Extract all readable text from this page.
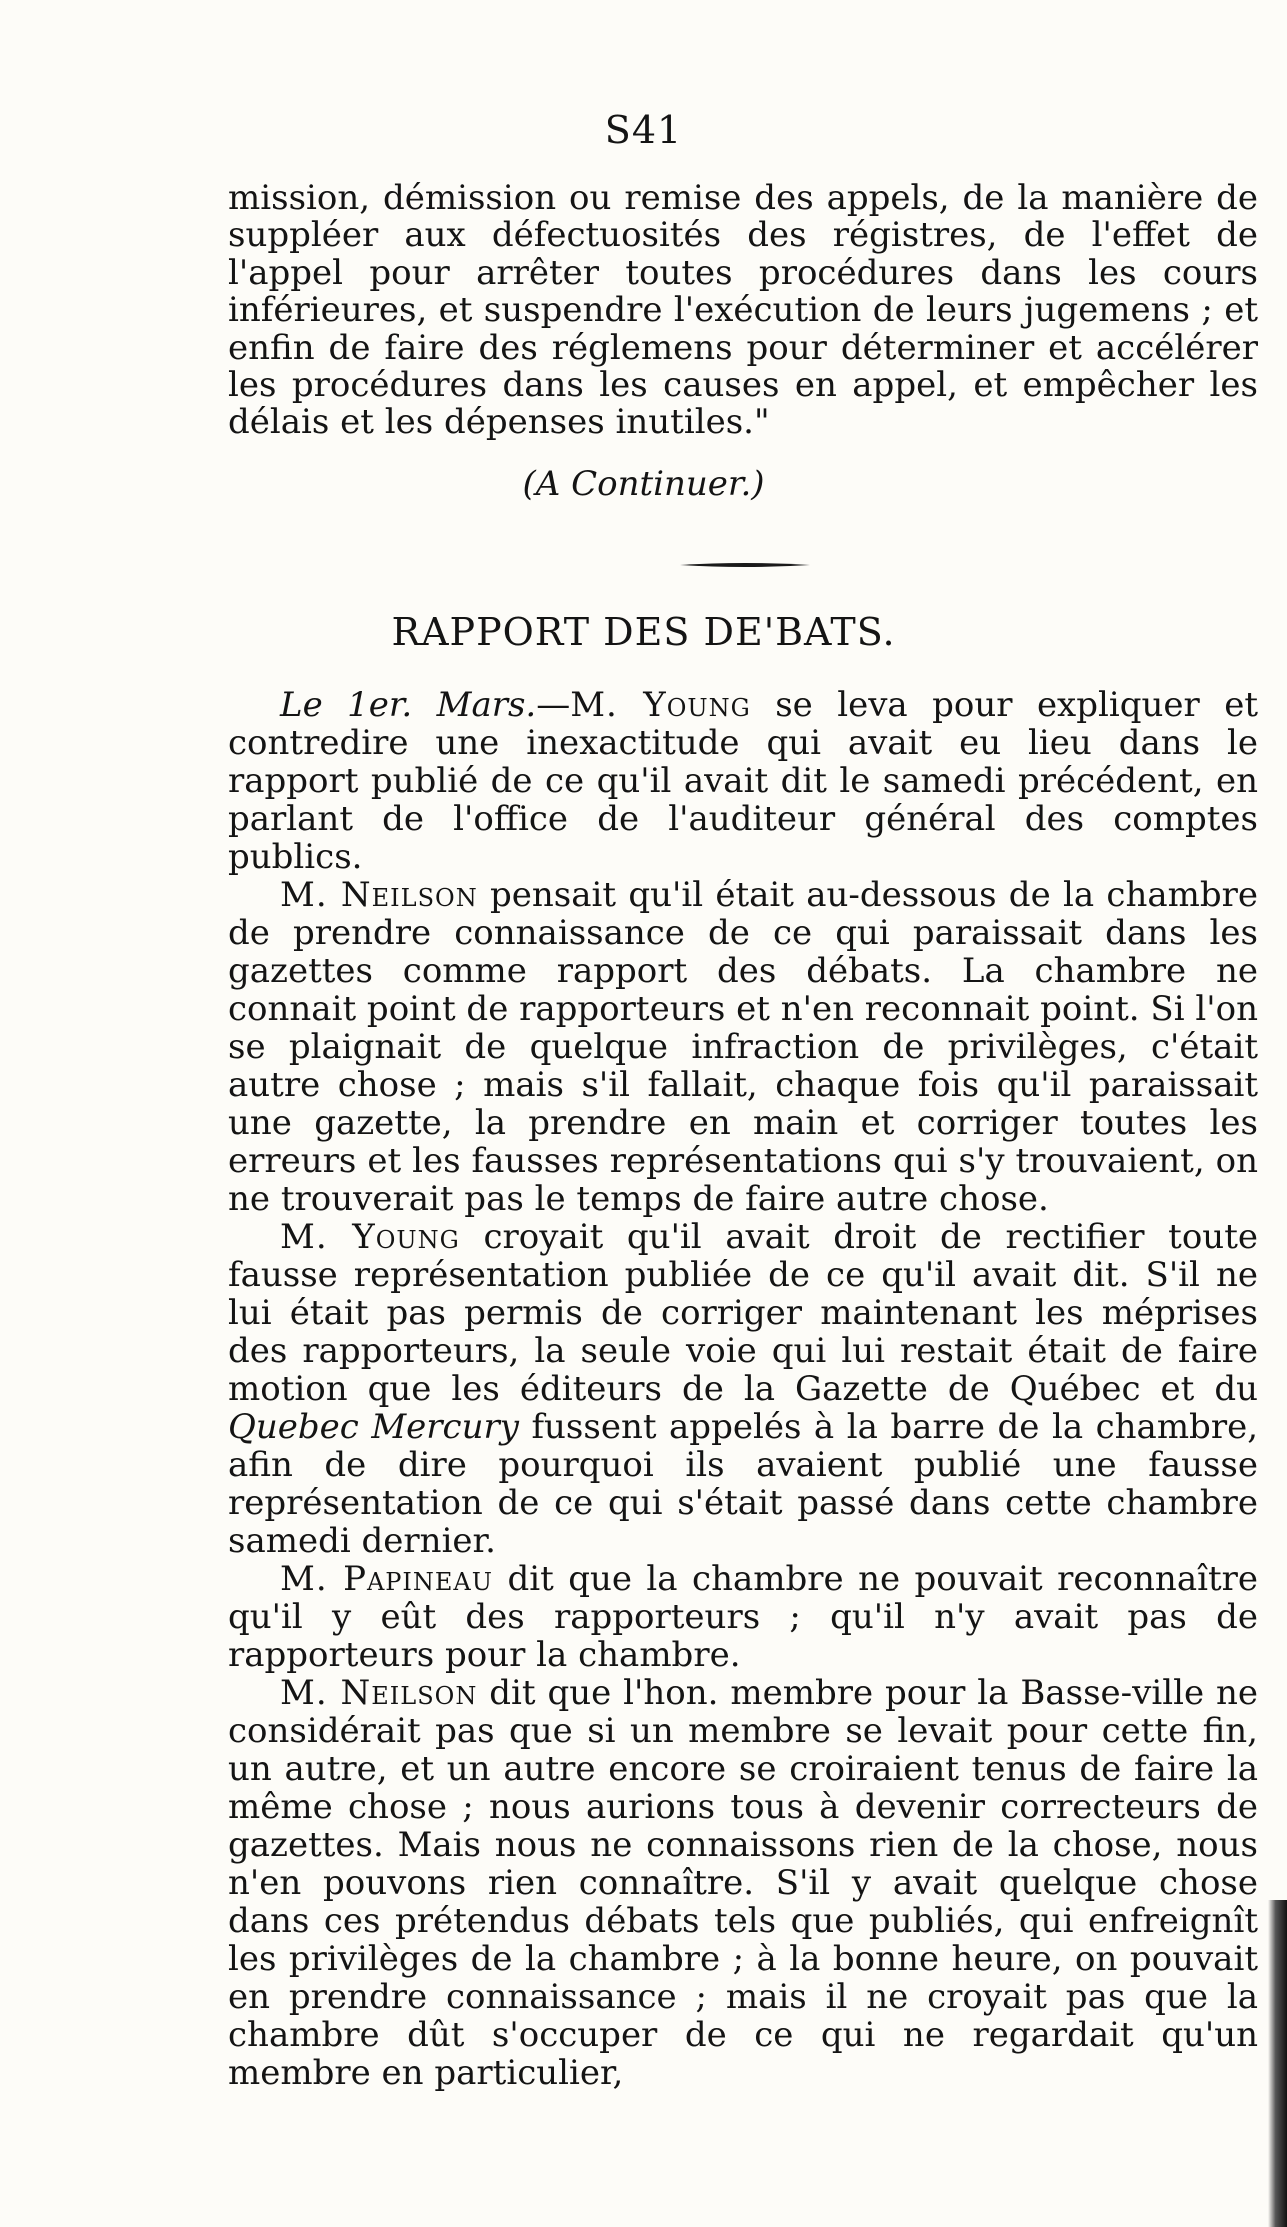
S41

mission, démission ou remise des appels, de la manière de suppléer aux défectuosités des régistres, de l'effet de l'appel pour arrêter toutes procédures dans les cours inférieures, et suspendre l'exécution de leurs jugemens ; et enfin de faire des réglemens pour déterminer et accélérer les procédures dans les causes en appel, et empêcher les délais et les dépenses inutiles."

(A Continuer.)
RAPPORT DES DE'BATS.

Le 1er. Mars.—M. Young se leva pour expliquer et contredire une inexactitude qui avait eu lieu dans le rapport publié de ce qu'il avait dit le samedi précédent, en parlant de l'office de l'auditeur général des comptes publics.

M. Neilson pensait qu'il était au-dessous de la chambre de prendre connaissance de ce qui paraissait dans les gazettes comme rapport des débats. La chambre ne connait point de rapporteurs et n'en reconnait point. Si l'on se plaignait de quelque infraction de privilèges, c'était autre chose ; mais s'il fallait, chaque fois qu'il paraissait une gazette, la prendre en main et corriger toutes les erreurs et les fausses représentations qui s'y trouvaient, on ne trouverait pas le temps de faire autre chose.

M. Young croyait qu'il avait droit de rectifier toute fausse représentation publiée de ce qu'il avait dit. S'il ne lui était pas permis de corriger maintenant les méprises des rapporteurs, la seule voie qui lui restait était de faire motion que les éditeurs de la Gazette de Québec et du Quebec Mercury fussent appelés à la barre de la chambre, afin de dire pourquoi ils avaient publié une fausse représentation de ce qui s'était passé dans cette chambre samedi dernier.

M. Papineau dit que la chambre ne pouvait reconnaître qu'il y eût des rapporteurs ; qu'il n'y avait pas de rapporteurs pour la chambre.

M. Neilson dit que l'hon. membre pour la Basse-ville ne considérait pas que si un membre se levait pour cette fin, un autre, et un autre encore se croiraient tenus de faire la même chose ; nous aurions tous à devenir correcteurs de gazettes. Mais nous ne connaissons rien de la chose, nous n'en pouvons rien connaître. S'il y avait quelque chose dans ces prétendus débats tels que publiés, qui enfreignît les privilèges de la chambre ; à la bonne heure, on pouvait en prendre connaissance ; mais il ne croyait pas que la chambre dût s'occuper de ce qui ne regardait qu'un membre en particulier,
